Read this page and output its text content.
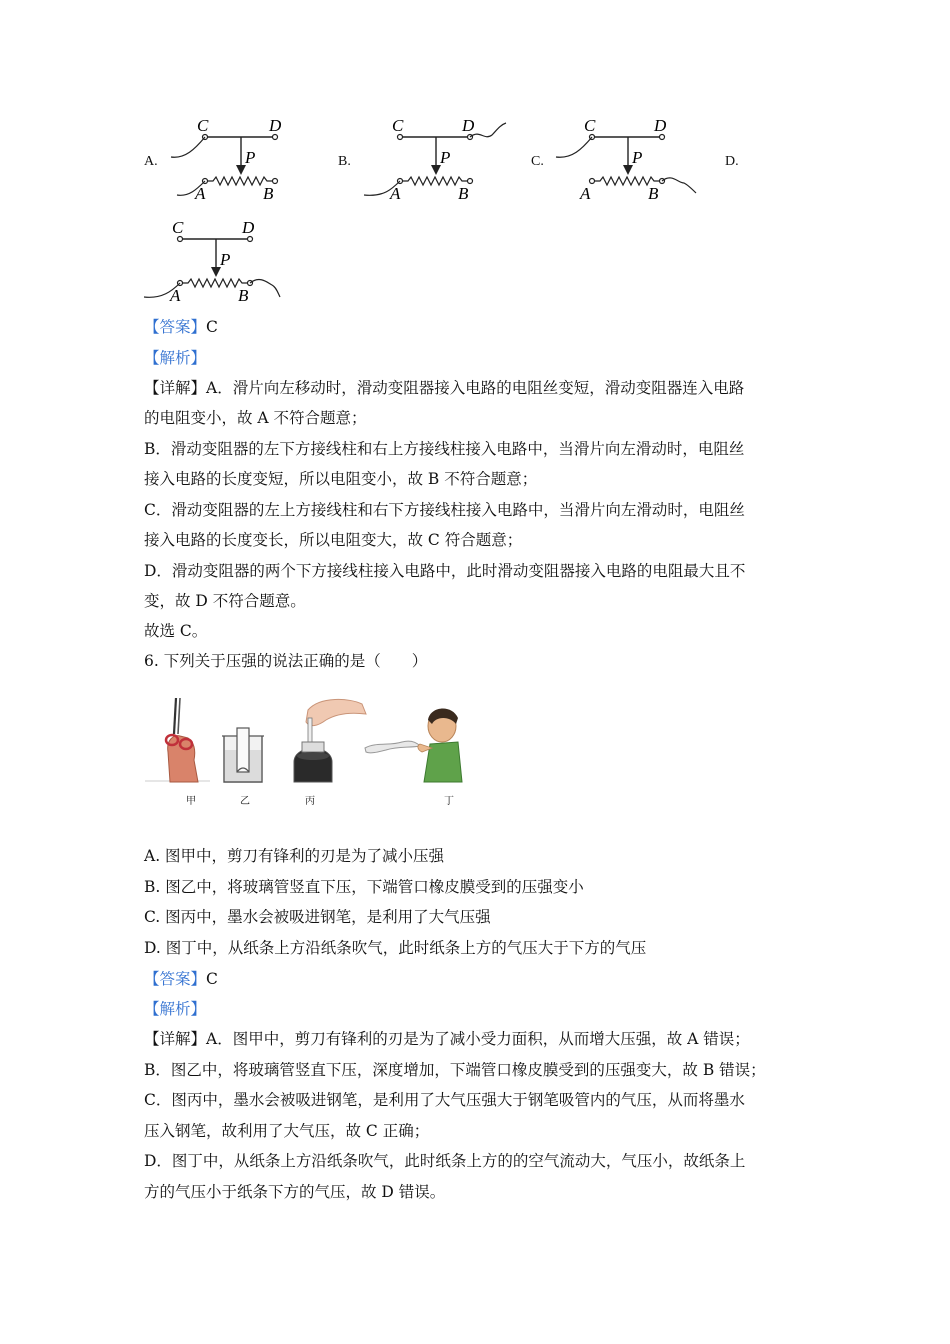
A.	B.	C.	D.
C	D
P
A	B
C	D
P
A	B
C	D
P
A	B
C	D
P
A	B
【答案】C
【解析】
【详解】A．滑片向左移动时，滑动变阻器接入电路的电阻丝变短，滑动变阻器连入电路
的电阻变小，故 A 不符合题意；
B．滑动变阻器的左下方接线柱和右上方接线柱接入电路中，当滑片向左滑动时，电阻丝
接入电路的长度变短，所以电阻变小，故 B 不符合题意；
C．滑动变阻器的左上方接线柱和右下方接线柱接入电路中，当滑片向左滑动时，电阻丝
接入电路的长度变长，所以电阻变大，故 C 符合题意；
D．滑动变阻器的两个下方接线柱接入电路中，此时滑动变阻器接入电路的电阻最大且不
变，故 D 不符合题意。
故选 C。
6. 下列关于压强的说法正确的是（　　）
甲	乙	丙	丁
A. 图甲中，剪刀有锋利的刃是为了减小压强
B. 图乙中，将玻璃管竖直下压，下端管口橡皮膜受到的压强变小
C. 图丙中，墨水会被吸进钢笔，是利用了大气压强
D. 图丁中，从纸条上方沿纸条吹气，此时纸条上方的气压大于下方的气压
【答案】C
【解析】
【详解】A．图甲中，剪刀有锋利的刃是为了减小受力面积，从而增大压强，故 A 错误；
B．图乙中，将玻璃管竖直下压，深度增加，下端管口橡皮膜受到的压强变大，故 B 错误；
C．图丙中，墨水会被吸进钢笔，是利用了大气压强大于钢笔吸管内的气压，从而将墨水
压入钢笔，故利用了大气压，故 C 正确；
D．图丁中，从纸条上方沿纸条吹气，此时纸条上方的的空气流动大，气压小，故纸条上
方的气压小于纸条下方的气压，故 D 错误。
